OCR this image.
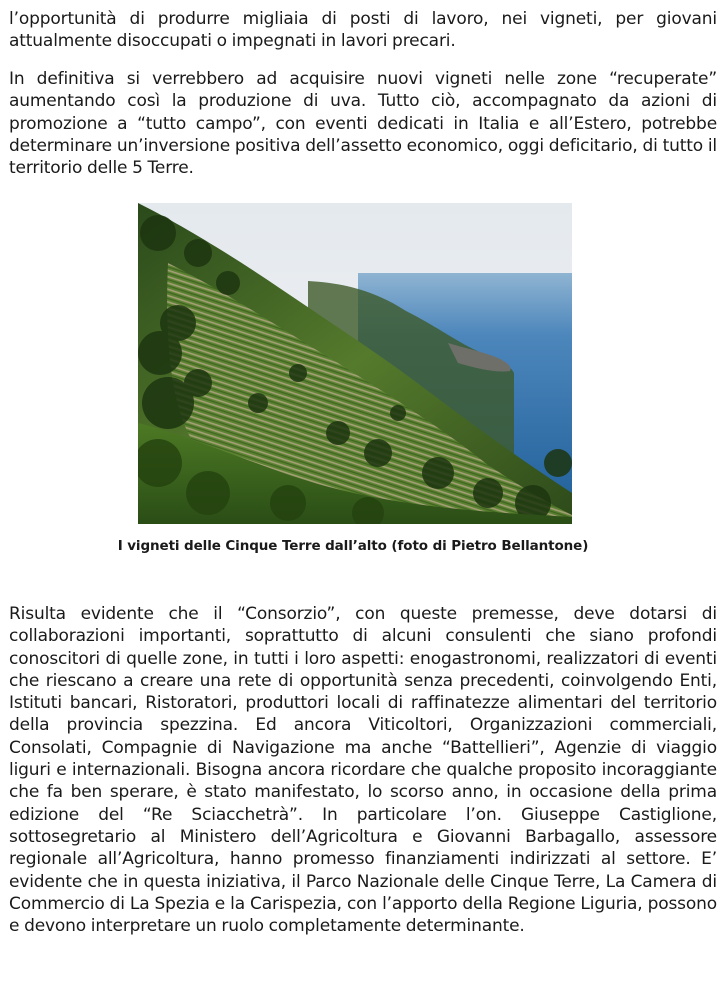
l’opportunità di produrre migliaia di posti di lavoro, nei vigneti, per giovani attualmente disoccupati o impegnati in lavori precari.

In definitiva si verrebbero ad acquisire nuovi vigneti nelle zone “recuperate” aumentando così la produzione di uva. Tutto ciò, accompagnato da azioni di promozione a “tutto campo”, con eventi dedicati in Italia e all’Estero, potrebbe determinare un’inversione positiva dell’assetto economico, oggi deficitario, di tutto il territorio delle 5 Terre.

Risulta evidente che il “Consorzio”, con queste premesse, deve dotarsi di collaborazioni importanti, soprattutto di alcuni consulenti che siano profondi conoscitori di quelle zone, in tutti i loro aspetti: enogastronomi, realizzatori di eventi che riescano a creare una rete di opportunità senza precedenti, coinvolgendo Enti, Istituti bancari, Ristoratori, produttori locali di raffinatezze alimentari del territorio della provincia spezzina. Ed ancora Viticoltori, Organizzazioni commerciali, Consolati, Compagnie di Navigazione ma anche “Battellieri”, Agenzie di viaggio liguri e internazionali. Bisogna ancora ricordare che qualche proposito incoraggiante che fa ben sperare, è stato manifestato, lo scorso anno, in occasione della prima edizione del “Re Sciacchetrà”. In particolare l’on. Giuseppe Castiglione, sottosegretario al Ministero dell’Agricoltura e Giovanni Barbagallo, assessore regionale all’Agricoltura, hanno promesso finanziamenti indirizzati al settore. E’ evidente che in questa iniziativa, il Parco Nazionale delle Cinque Terre, La Camera di Commercio di La Spezia e la Carispezia, con l’apporto della Regione Liguria, possono e devono interpretare un ruolo completamente determinante.

I vigneti delle Cinque Terre dall’alto (foto di Pietro Bellantone)
